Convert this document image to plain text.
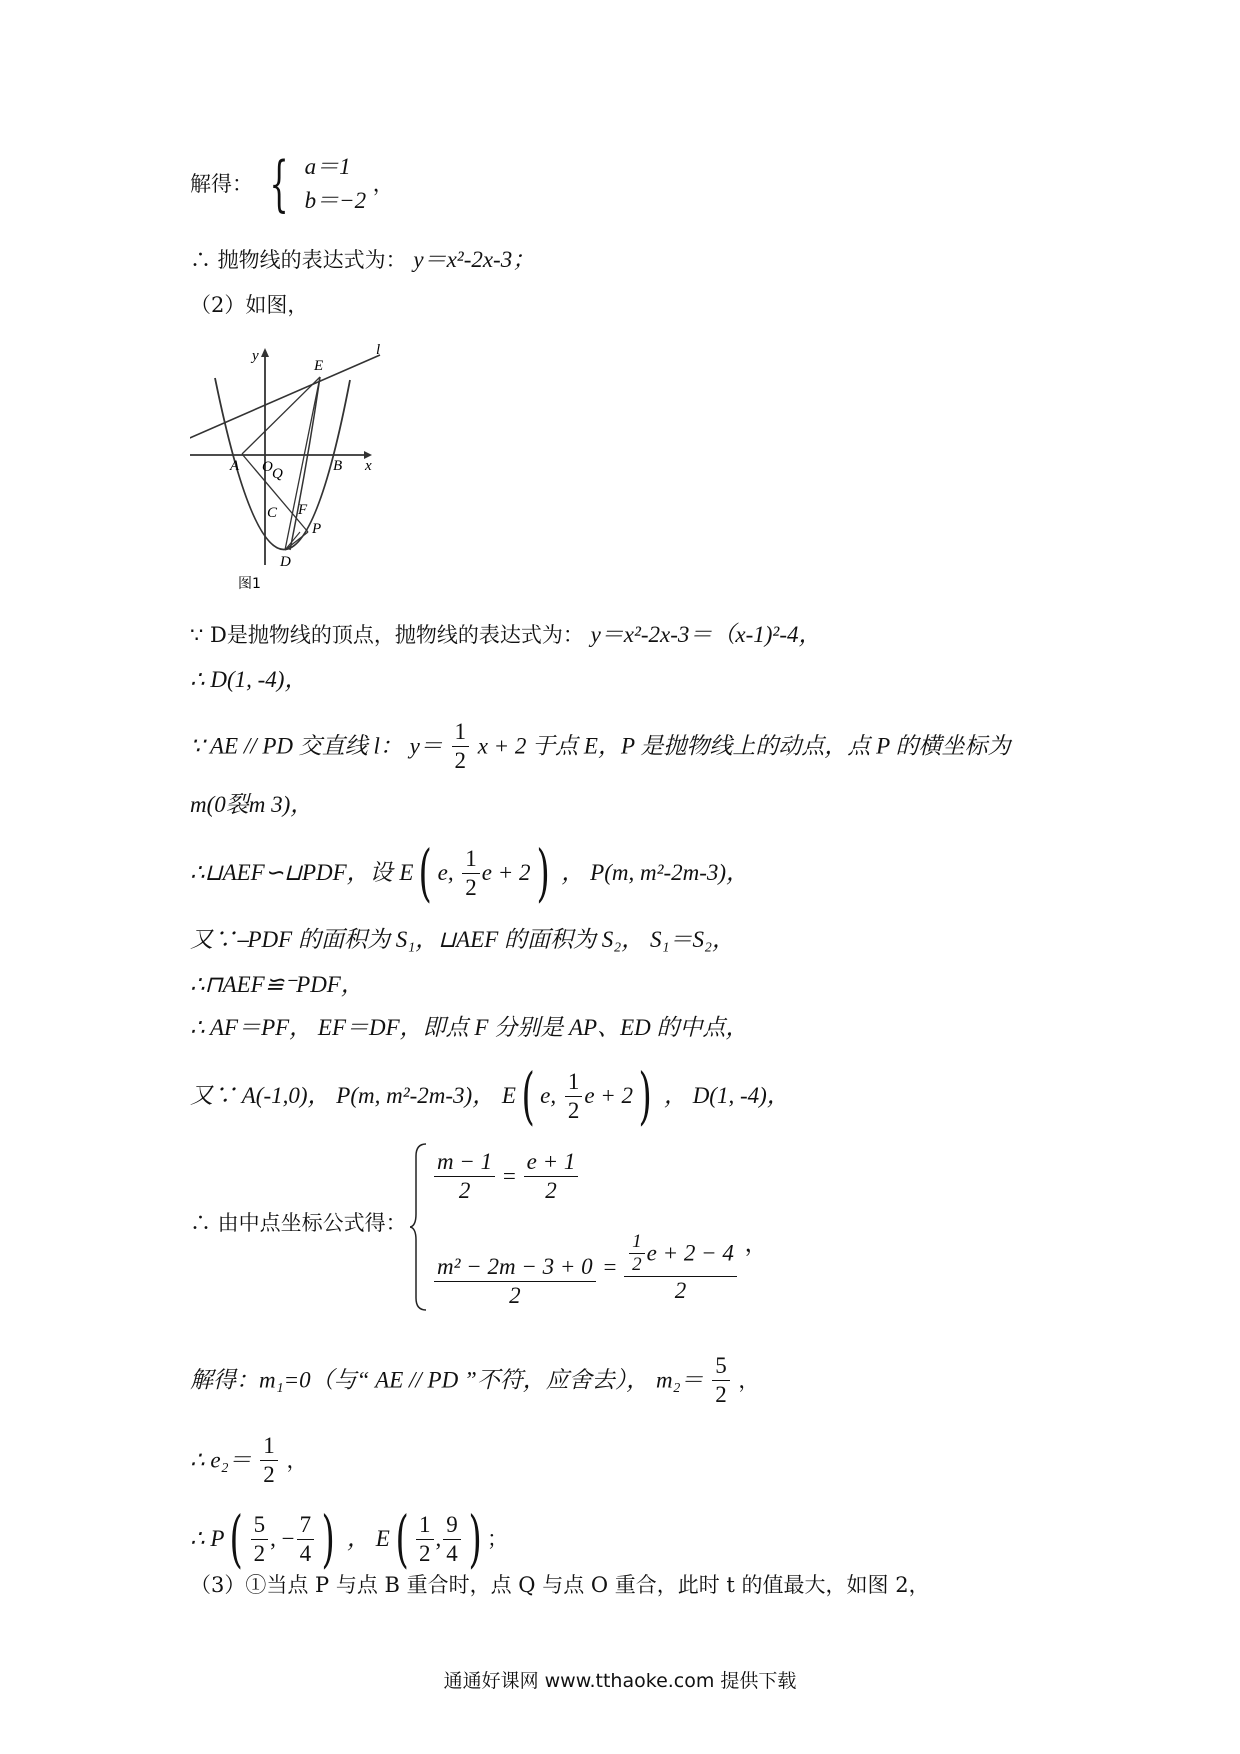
解得： { a＝1
b＝−2
，
∴ 抛物线的表达式为： y＝x²-2x-3；
（2）如图，
y
x
l
E
A O Q	B
C F
P
D
图1
∵ D是抛物线的顶点，抛物线的表达式为： y＝x²-2x-3＝（x-1)²-4，
∴ D(1, -4)，
∵ AE // PD 交直线 l： $y= \frac{1}{2}$ x + 2 于点 E，P 是抛物线上的动点，点 P 的横坐标为
m(0裂m 3)，
∴⊔AEF∽⊔PDF，设 E( e, $\frac{1}{2}$ e + 2) ， P(m, m²-2m-3)，
又∵⎯PDF 的面积为 S₁，⊔AEF 的面积为 S₂， S₁＝S₂，
∴⊓AEF≌⁻PDF，
∴ AF＝PF， EF＝DF，即点 F 分别是 AP、ED 的中点，
又∵ A(-1,0)， P(m, m²-2m-3)， E( e, $\frac{1}{2}$ e + 2) ， D(1, -4)，
∴ 由中点坐标公式得：
$\frac{m - 1}{2} = \frac{e + 1}{2}$
$\frac{\text{m² − 2m − 3 + 0}}{2} = \frac{\frac{1}{2} e + 2 - 4}{2}$ ，
解得：m₁=0（与“ AE // PD ”不符，应舍去）， $m_2= \frac{5}{2}$ ，
∴ $e_2= \frac{1}{2}$ ，
∴ $P( \frac{5}{2}$ , − $\frac{7}{4}$ ) ， $E( \frac{1}{2}$ , $\frac{9}{4}$ ) ；
（3）①当点 P 与点 B 重合时，点 Q 与点 O 重合，此时 t 的值最大，如图 2，
通通好课网 www.tthaoke.com 提供下载
